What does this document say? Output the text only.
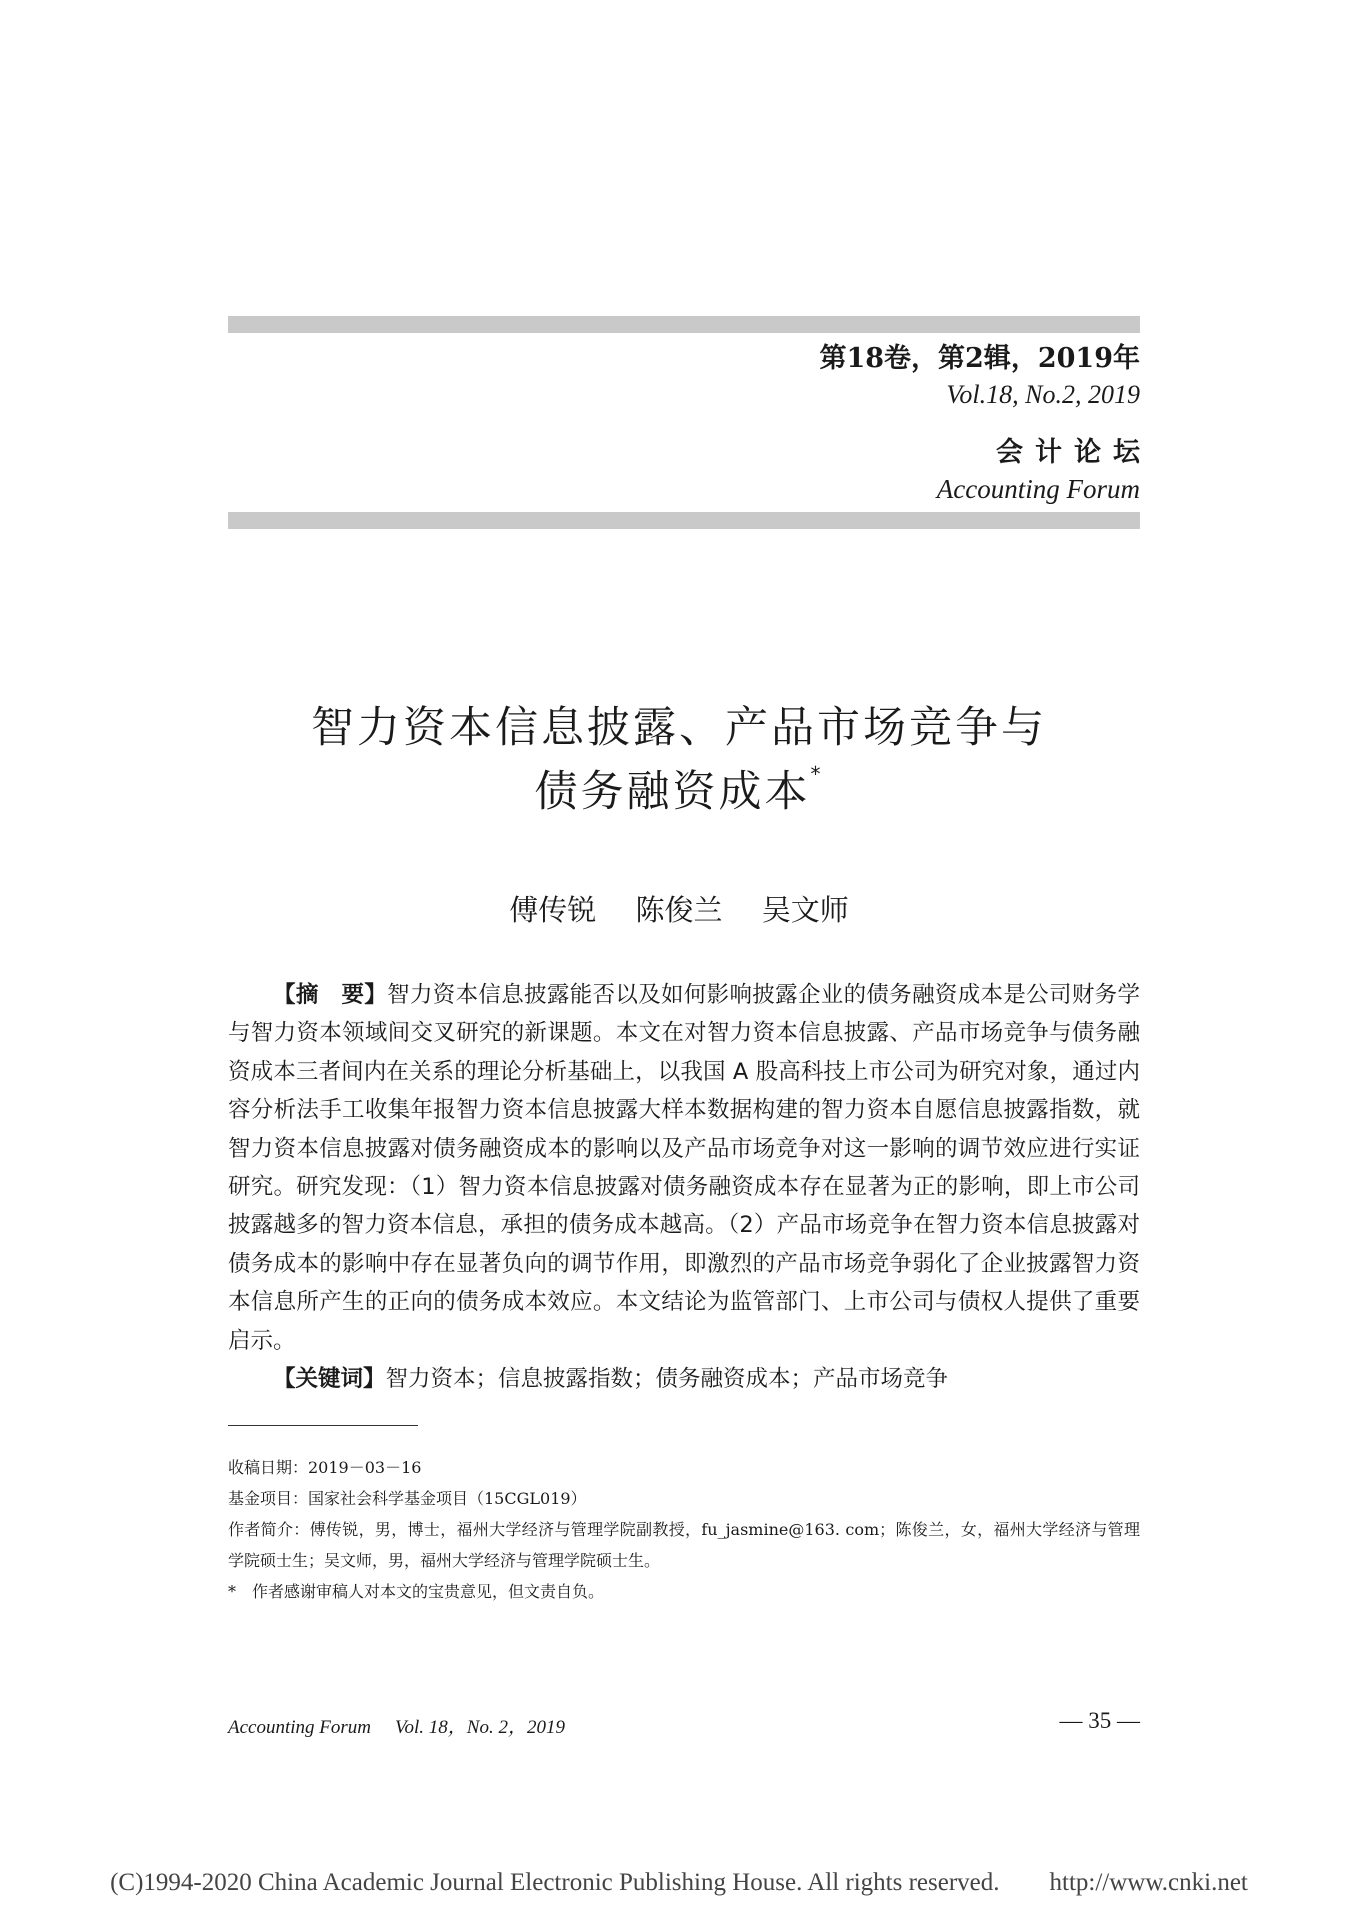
第18卷，第2辑，2019年
Vol.18, No.2, 2019
会计论坛
Accounting Forum
智力资本信息披露、产品市场竞争与
债务融资成本*
傅传锐 陈俊兰 吴文师

【摘　要】智力资本信息披露能否以及如何影响披露企业的债务融资成本是公司财务学与智力资本领域间交叉研究的新课题。本文在对智力资本信息披露、产品市场竞争与债务融资成本三者间内在关系的理论分析基础上，以我国 A 股高科技上市公司为研究对象，通过内容分析法手工收集年报智力资本信息披露大样本数据构建的智力资本自愿信息披露指数，就智力资本信息披露对债务融资成本的影响以及产品市场竞争对这一影响的调节效应进行实证研究。研究发现：（1）智力资本信息披露对债务融资成本存在显著为正的影响，即上市公司披露越多的智力资本信息，承担的债务成本越高。（2）产品市场竞争在智力资本信息披露对债务成本的影响中存在显著负向的调节作用，即激烈的产品市场竞争弱化了企业披露智力资本信息所产生的正向的债务成本效应。本文结论为监管部门、上市公司与债权人提供了重要启示。

【关键词】智力资本；信息披露指数；债务融资成本；产品市场竞争

收稿日期：2019－03－16

基金项目：国家社会科学基金项目（15CGL019）

作者简介：傅传锐，男，博士，福州大学经济与管理学院副教授，fu_jasmine@163. com；陈俊兰，女，福州大学经济与管理学院硕士生；吴文师，男，福州大学经济与管理学院硕士生。

*　作者感谢审稿人对本文的宝贵意见，但文责自负。

Accounting Forum Vol. 18，No. 2，2019	— 35 —
(C)1994-2020 China Academic Journal Electronic Publishing House. All rights reserved.　　http://www.cnki.net
